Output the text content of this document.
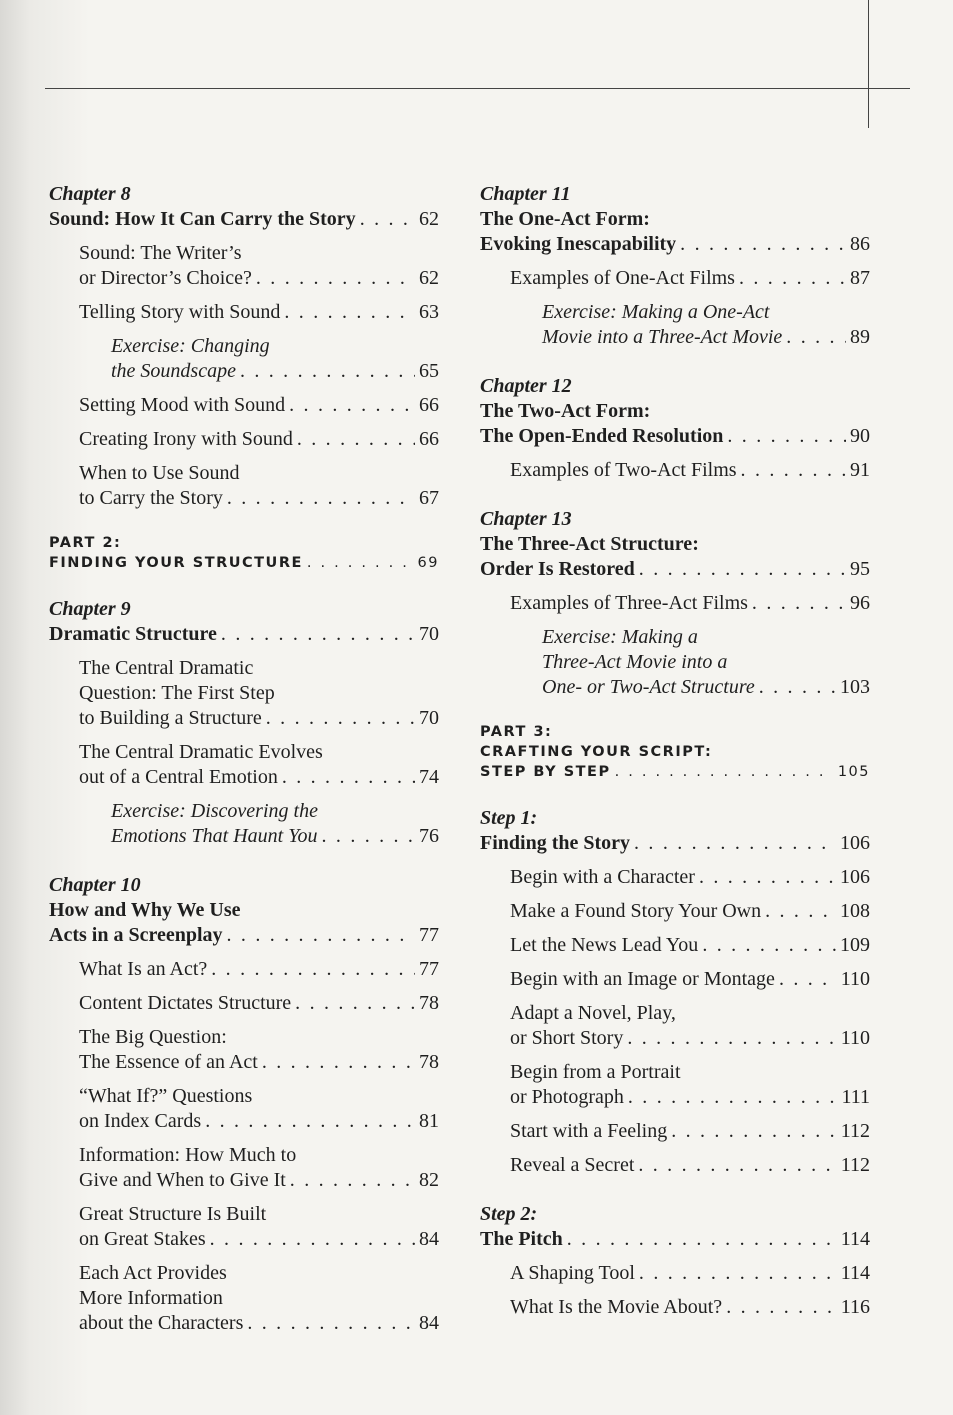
Chapter 8
Sound: How It Can Carry the Story . . .	62
Sound: The Writer’s
or Director’s Choice? . . .	62
Telling Story with Sound . . .	63
Exercise: Changing
the Soundscape . . .	65
Setting Mood with Sound . . .	66
Creating Irony with Sound . . .	66
When to Use Sound
to Carry the Story . . .	67
PART 2:
FINDING YOUR STRUCTURE . . .	69
Chapter 9
Dramatic Structure . . .	70
The Central Dramatic
Question: The First Step
to Building a Structure . . .	70
The Central Dramatic Evolves
out of a Central Emotion . . .	74
Exercise: Discovering the
Emotions That Haunt You . . .	76
Chapter 10
How and Why We Use
Acts in a Screenplay . . .	77
What Is an Act? . . .	77
Content Dictates Structure . . .	78
The Big Question:
The Essence of an Act . . .	78
“What If?” Questions
on Index Cards . . .	81
Information: How Much to
Give and When to Give It . . .	82
Great Structure Is Built
on Great Stakes . . .	84
Each Act Provides
More Information
about the Characters . . .	84
Chapter 11
The One-Act Form:
Evoking Inescapability . . .	86
Examples of One-Act Films . . .	87
Exercise: Making a One-Act
Movie into a Three-Act Movie . . .	89
Chapter 12
The Two-Act Form:
The Open-Ended Resolution . . .	90
Examples of Two-Act Films . . .	91
Chapter 13
The Three-Act Structure:
Order Is Restored . . .	95
Examples of Three-Act Films . . .	96
Exercise: Making a
Three-Act Movie into a
One- or Two-Act Structure . . .	103
PART 3:
CRAFTING YOUR SCRIPT:
STEP BY STEP . . .	105
Step 1:
Finding the Story . . .	106
Begin with a Character . . .	106
Make a Found Story Your Own . . .	108
Let the News Lead You . . .	109
Begin with an Image or Montage . . .	110
Adapt a Novel, Play,
or Short Story . . .	110
Begin from a Portrait
or Photograph . . .	111
Start with a Feeling . . .	112
Reveal a Secret . . .	112
Step 2:
The Pitch . . .	114
A Shaping Tool . . .	114
What Is the Movie About? . . .	116
